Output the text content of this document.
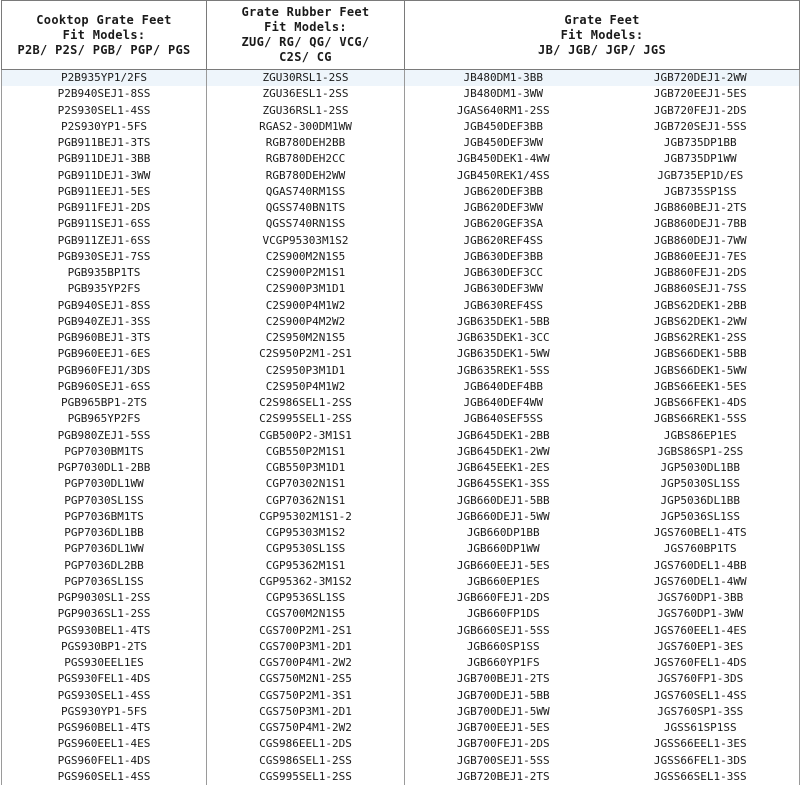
Cooktop Grate Feet
Fit Models:
P2B/ P2S/ PGB/ PGP/ PGS	Grate Rubber Feet
Fit Models:
ZUG/ RG/ QG/ VCG/
C2S/ CG	Grate Feet
Fit Models:
JB/ JGB/ JGP/ JGS	

P2B935YP1/2FS	ZGU30RSL1-2SS	JB480DM1-3BB	JGB720DEJ1-2WW
P2B940SEJ1-8SS	ZGU36ESL1-2SS	JB480DM1-3WW	JGB720EEJ1-5ES
P2S930SEL1-4SS	ZGU36RSL1-2SS	JGAS640RM1-2SS	JGB720FEJ1-2DS
P2S930YP1-5FS	RGAS2-300DM1WW	JGB450DEF3BB	JGB720SEJ1-5SS
PGB911BEJ1-3TS	RGB780DEH2BB	JGB450DEF3WW	JGB735DP1BB
PGB911DEJ1-3BB	RGB780DEH2CC	JGB450DEK1-4WW	JGB735DP1WW
PGB911DEJ1-3WW	RGB780DEH2WW	JGB450REK1/4SS	JGB735EP1D/ES
PGB911EEJ1-5ES	QGAS740RM1SS	JGB620DEF3BB	JGB735SP1SS
PGB911FEJ1-2DS	QGSS740BN1TS	JGB620DEF3WW	JGB860BEJ1-2TS
PGB911SEJ1-6SS	QGSS740RN1SS	JGB620GEF3SA	JGB860DEJ1-7BB
PGB911ZEJ1-6SS	VCGP95303M1S2	JGB620REF4SS	JGB860DEJ1-7WW
PGB930SEJ1-7SS	C2S900M2N1S5	JGB630DEF3BB	JGB860EEJ1-7ES
PGB935BP1TS	C2S900P2M1S1	JGB630DEF3CC	JGB860FEJ1-2DS
PGB935YP2FS	C2S900P3M1D1	JGB630DEF3WW	JGB860SEJ1-7SS
PGB940SEJ1-8SS	C2S900P4M1W2	JGB630REF4SS	JGBS62DEK1-2BB
PGB940ZEJ1-3SS	C2S900P4M2W2	JGB635DEK1-5BB	JGBS62DEK1-2WW
PGB960BEJ1-3TS	C2S950M2N1S5	JGB635DEK1-3CC	JGBS62REK1-2SS
PGB960EEJ1-6ES	C2S950P2M1-2S1	JGB635DEK1-5WW	JGBS66DEK1-5BB
PGB960FEJ1/3DS	C2S950P3M1D1	JGB635REK1-5SS	JGBS66DEK1-5WW
PGB960SEJ1-6SS	C2S950P4M1W2	JGB640DEF4BB	JGBS66EEK1-5ES
PGB965BP1-2TS	C2S986SEL1-2SS	JGB640DEF4WW	JGBS66FEK1-4DS
PGB965YP2FS	C2S995SEL1-2SS	JGB640SEF5SS	JGBS66REK1-5SS
PGB980ZEJ1-5SS	CGB500P2-3M1S1	JGB645DEK1-2BB	JGBS86EP1ES
PGP7030BM1TS	CGB550P2M1S1	JGB645DEK1-2WW	JGBS86SP1-2SS
PGP7030DL1-2BB	CGB550P3M1D1	JGB645EEK1-2ES	JGP5030DL1BB
PGP7030DL1WW	CGP70302N1S1	JGB645SEK1-3SS	JGP5030SL1SS
PGP7030SL1SS	CGP70362N1S1	JGB660DEJ1-5BB	JGP5036DL1BB
PGP7036BM1TS	CGP95302M1S1-2	JGB660DEJ1-5WW	JGP5036SL1SS
PGP7036DL1BB	CGP95303M1S2	JGB660DP1BB	JGS760BEL1-4TS
PGP7036DL1WW	CGP9530SL1SS	JGB660DP1WW	JGS760BP1TS
PGP7036DL2BB	CGP95362M1S1	JGB660EEJ1-5ES	JGS760DEL1-4BB
PGP7036SL1SS	CGP95362-3M1S2	JGB660EP1ES	JGS760DEL1-4WW
PGP9030SL1-2SS	CGP9536SL1SS	JGB660FEJ1-2DS	JGS760DP1-3BB
PGP9036SL1-2SS	CGS700M2N1S5	JGB660FP1DS	JGS760DP1-3WW
PGS930BEL1-4TS	CGS700P2M1-2S1	JGB660SEJ1-5SS	JGS760EEL1-4ES
PGS930BP1-2TS	CGS700P3M1-2D1	JGB660SP1SS	JGS760EP1-3ES
PGS930EEL1ES	CGS700P4M1-2W2	JGB660YP1FS	JGS760FEL1-4DS
PGS930FEL1-4DS	CGS750M2N1-2S5	JGB700BEJ1-2TS	JGS760FP1-3DS
PGS930SEL1-4SS	CGS750P2M1-3S1	JGB700DEJ1-5BB	JGS760SEL1-4SS
PGS930YP1-5FS	CGS750P3M1-2D1	JGB700DEJ1-5WW	JGS760SP1-3SS
PGS960BEL1-4TS	CGS750P4M1-2W2	JGB700EEJ1-5ES	JGSS61SP1SS
PGS960EEL1-4ES	CGS986EEL1-2DS	JGB700FEJ1-2DS	JGSS66EEL1-3ES
PGS960FEL1-4DS	CGS986SEL1-2SS	JGB700SEJ1-5SS	JGSS66FEL1-3DS
PGS960SEL1-4SS	CGS995SEL1-2SS	JGB720BEJ1-2TS	JGSS66SEL1-3SS
